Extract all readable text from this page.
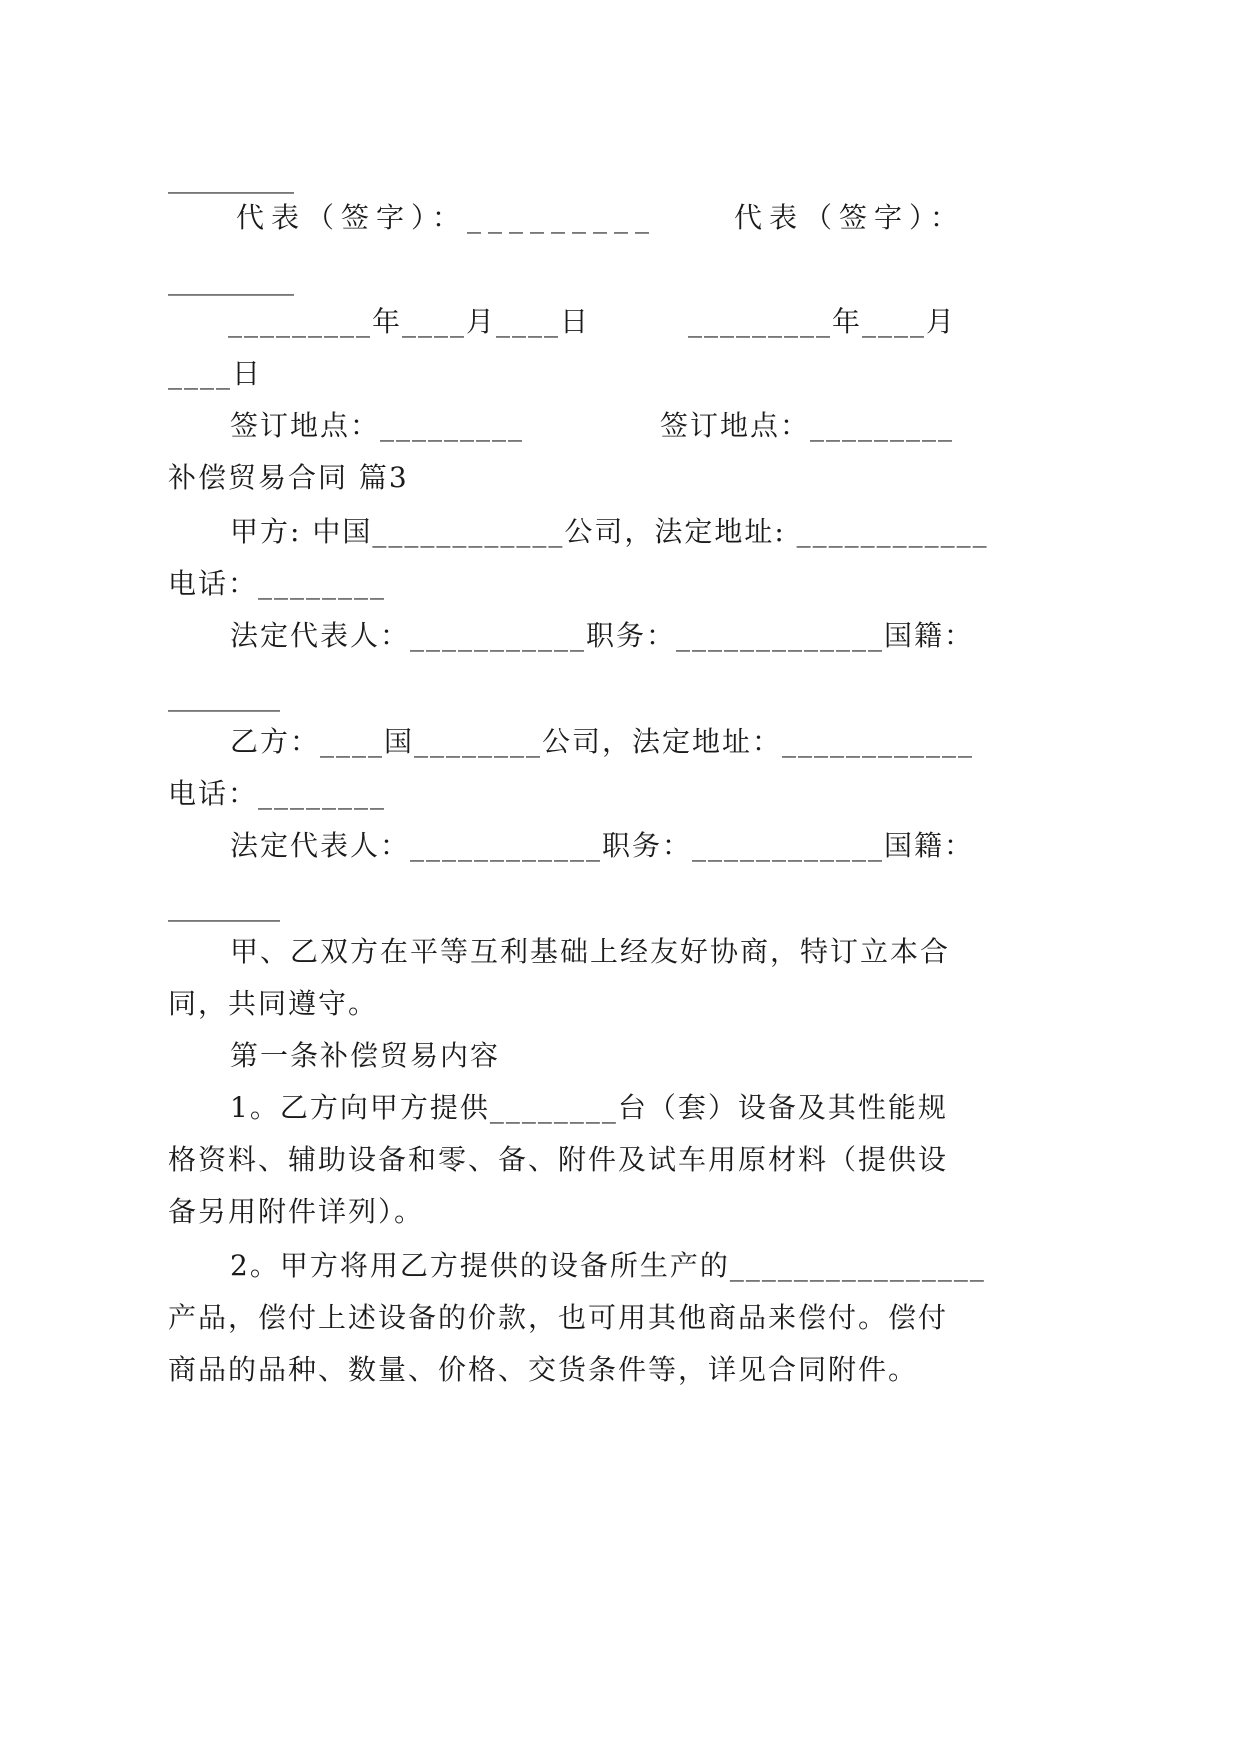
_________
代表（签字）：_________	代表（签字）：
_________
_________年____月____日	_________年____月
____日
签订地点：_________	签订地点：_________
补偿贸易合同 篇3
甲方: 中国____________公司，法定地址: ____________
电话：________
法定代表人：___________职务：_____________国籍：
________
乙方：____国________公司，法定地址：____________
电话：________
法定代表人：____________职务：____________国籍：
________
甲、乙双方在平等互利基础上经友好协商，特订立本合
同，共同遵守。
第一条补偿贸易内容
1。乙方向甲方提供________台（套）设备及其性能规
格资料、辅助设备和零、备、附件及试车用原材料（提供设
备另用附件详列）。
2。甲方将用乙方提供的设备所生产的________________
产品，偿付上述设备的价款，也可用其他商品来偿付。偿付
商品的品种、数量、价格、交货条件等，详见合同附件。
